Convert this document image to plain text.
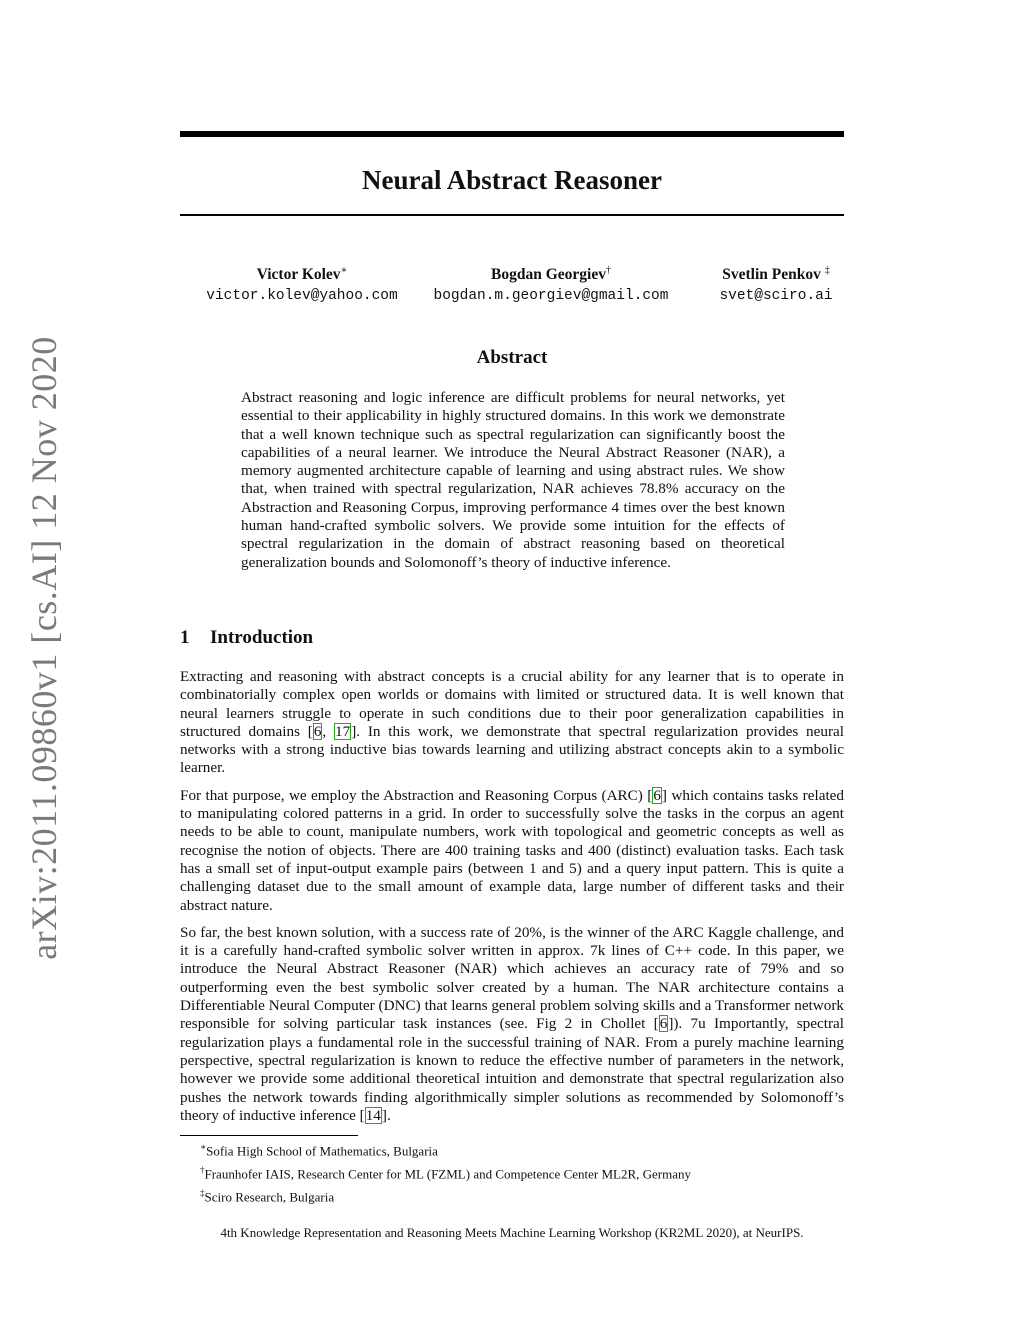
arXiv:2011.09860v1 [cs.AI] 12 Nov 2020
Neural Abstract Reasoner
Victor Kolev∗
victor.kolev@yahoo.com
Bogdan Georgiev†
bogdan.m.georgiev@gmail.com
Svetlin Penkov ‡
svet@sciro.ai
Abstract
Abstract reasoning and logic inference are difficult problems for neural networks, yet essential to their applicability in highly structured domains. In this work we demonstrate that a well known technique such as spectral regularization can significantly boost the capabilities of a neural learner. We introduce the Neural Abstract Reasoner (NAR), a memory augmented architecture capable of learning and using abstract rules. We show that, when trained with spectral regularization, NAR achieves 78.8% accuracy on the Abstraction and Reasoning Corpus, improving performance 4 times over the best known human hand-crafted symbolic solvers. We provide some intuition for the effects of spectral regularization in the domain of abstract reasoning based on theoretical generalization bounds and Solomonoff’s theory of inductive inference.
1 Introduction

Extracting and reasoning with abstract concepts is a crucial ability for any learner that is to operate in combinatorially complex open worlds or domains with limited or structured data. It is well known that neural learners struggle to operate in such conditions due to their poor generalization capabilities in structured domains [6, 17]. In this work, we demonstrate that spectral regularization provides neural networks with a strong inductive bias towards learning and utilizing abstract concepts akin to a symbolic learner.

For that purpose, we employ the Abstraction and Reasoning Corpus (ARC) [6] which contains tasks related to manipulating colored patterns in a grid. In order to successfully solve the tasks in the corpus an agent needs to be able to count, manipulate numbers, work with topological and geometric concepts as well as recognise the notion of objects. There are 400 training tasks and 400 (distinct) evaluation tasks. Each task has a small set of input-output example pairs (between 1 and 5) and a query input pattern. This is quite a challenging dataset due to the small amount of example data, large number of different tasks and their abstract nature.

So far, the best known solution, with a success rate of 20%, is the winner of the ARC Kaggle challenge, and it is a carefully hand-crafted symbolic solver written in approx. 7k lines of C++ code. In this paper, we introduce the Neural Abstract Reasoner (NAR) which achieves an accuracy rate of 79% and so outperforming even the best symbolic solver created by a human. The NAR architecture contains a Differentiable Neural Computer (DNC) that learns general problem solving skills and a Transformer network responsible for solving particular task instances (see. Fig 2 in Chollet [6]). 7u Importantly, spectral regularization plays a fundamental role in the successful training of NAR. From a purely machine learning perspective, spectral regularization is known to reduce the effective number of parameters in the network, however we provide some additional theoretical intuition and demonstrate that spectral regularization also pushes the network towards finding algorithmically simpler solutions as recommended by Solomonoff’s theory of inductive inference [14].

∗Sofia High School of Mathematics, Bulgaria
†Fraunhofer IAIS, Research Center for ML (FZML) and Competence Center ML2R, Germany
‡Sciro Research, Bulgaria
4th Knowledge Representation and Reasoning Meets Machine Learning Workshop (KR2ML 2020), at NeurIPS.
